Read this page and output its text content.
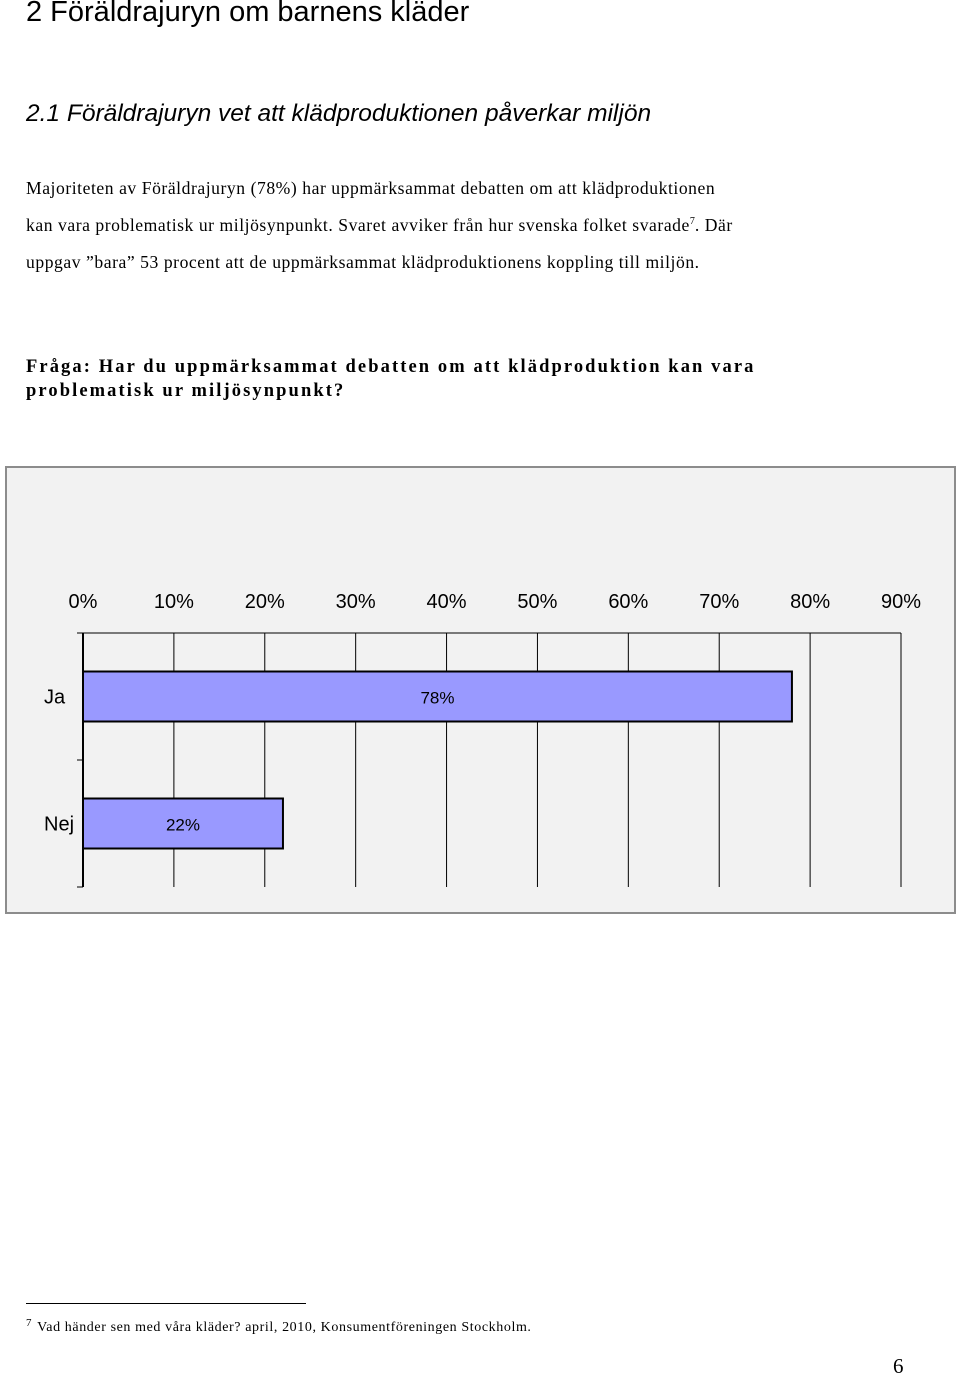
2 Föräldrajuryn om barnens kläder
2.1 Föräldrajuryn vet att klädproduktionen påverkar miljön

Majoriteten av Föräldrajuryn (78%) har uppmärksammat debatten om att klädproduktionen
kan vara problematisk ur miljösynpunkt. Svaret avviker från hur svenska folket svarade$^7$. Där
uppgav ”bara” 53 procent att de uppmärksammat klädproduktionens koppling till miljön.

Fråga: Har du uppmärksammat debatten om att klädproduktion kan vara
problematisk ur miljösynpunkt?

0%	10%	20%	30%	40%	50%	60%	70%	80%	90%
78%
Ja
22%
Nej
$^7$ Vad händer sen med våra kläder? april, 2010, Konsumentföreningen Stockholm.
6
